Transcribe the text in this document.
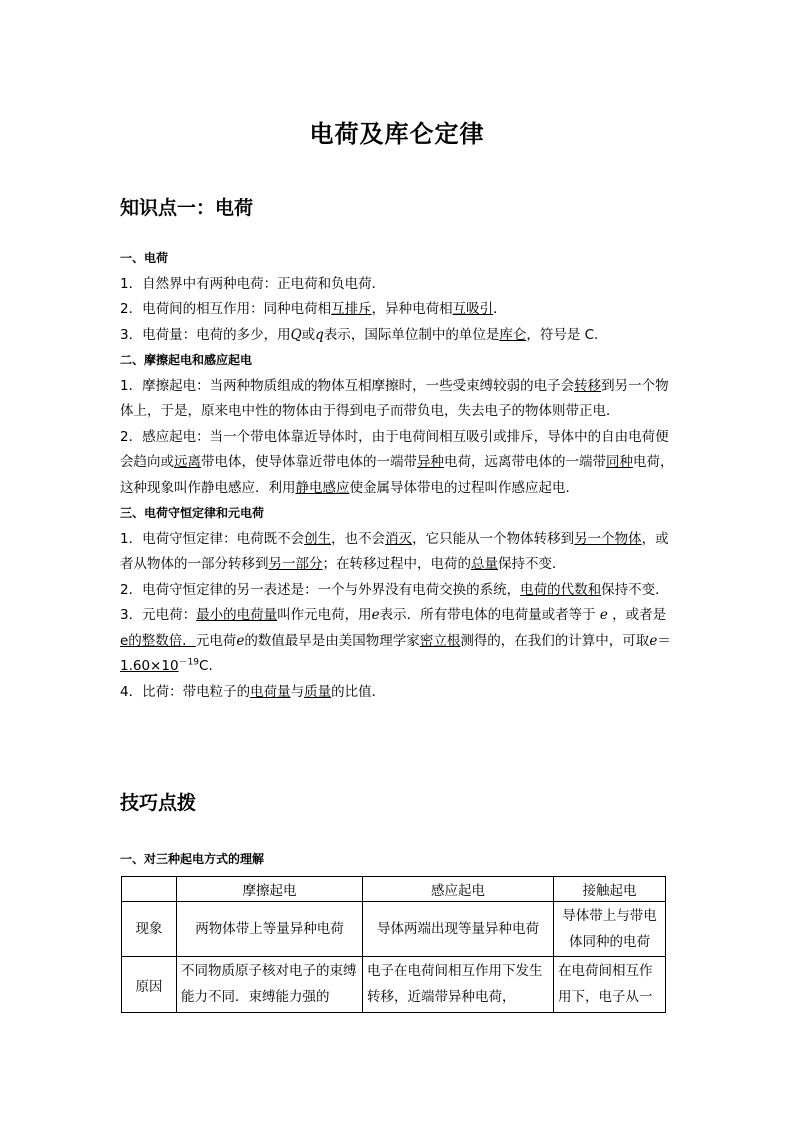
电荷及库仑定律
知识点一：电荷

一、电荷

1．自然界中有两种电荷：正电荷和负电荷．

2．电荷间的相互作用：同种电荷相互排斥，异种电荷相互吸引．

3．电荷量：电荷的多少，用Q或q表示，国际单位制中的单位是库仑，符号是 C.

二、摩擦起电和感应起电

1．摩擦起电：当两种物质组成的物体互相摩擦时，一些受束缚较弱的电子会转移到另一个物体上，于是，原来电中性的物体由于得到电子而带负电，失去电子的物体则带正电．

2．感应起电：当一个带电体靠近导体时，由于电荷间相互吸引或排斥，导体中的自由电荷便会趋向或远离带电体，使导体靠近带电体的一端带异种电荷，远离带电体的一端带同种电荷，这种现象叫作静电感应．利用静电感应使金属导体带电的过程叫作感应起电．

三、电荷守恒定律和元电荷

1．电荷守恒定律：电荷既不会创生，也不会消灭，它只能从一个物体转移到另一个物体，或者从物体的一部分转移到另一部分；在转移过程中，电荷的总量保持不变．

2．电荷守恒定律的另一表述是：一个与外界没有电荷交换的系统，电荷的代数和保持不变．

3．元电荷：最小的电荷量叫作元电荷，用e表示．所有带电体的电荷量或者等于 e ，或者是e的整数倍．元电荷e的数值最早是由美国物理学家密立根测得的，在我们的计算中，可取$e=1.60\times 10^{-19}C$.

4．比荷：带电粒子的电荷量与质量的比值．

技巧点拨
一、对三种起电方式的理解
	摩擦起电	感应起电	接触起电
现象	两物体带上等量异种电荷	导体两端出现等量异种电荷	导体带上与带电体同种的电荷
原因	不同物质原子核对电子的束缚能力不同．束缚能力强的	电子在电荷间相互作用下发生转移，近端带异种电荷，	在电荷间相互作用下，电子从一
